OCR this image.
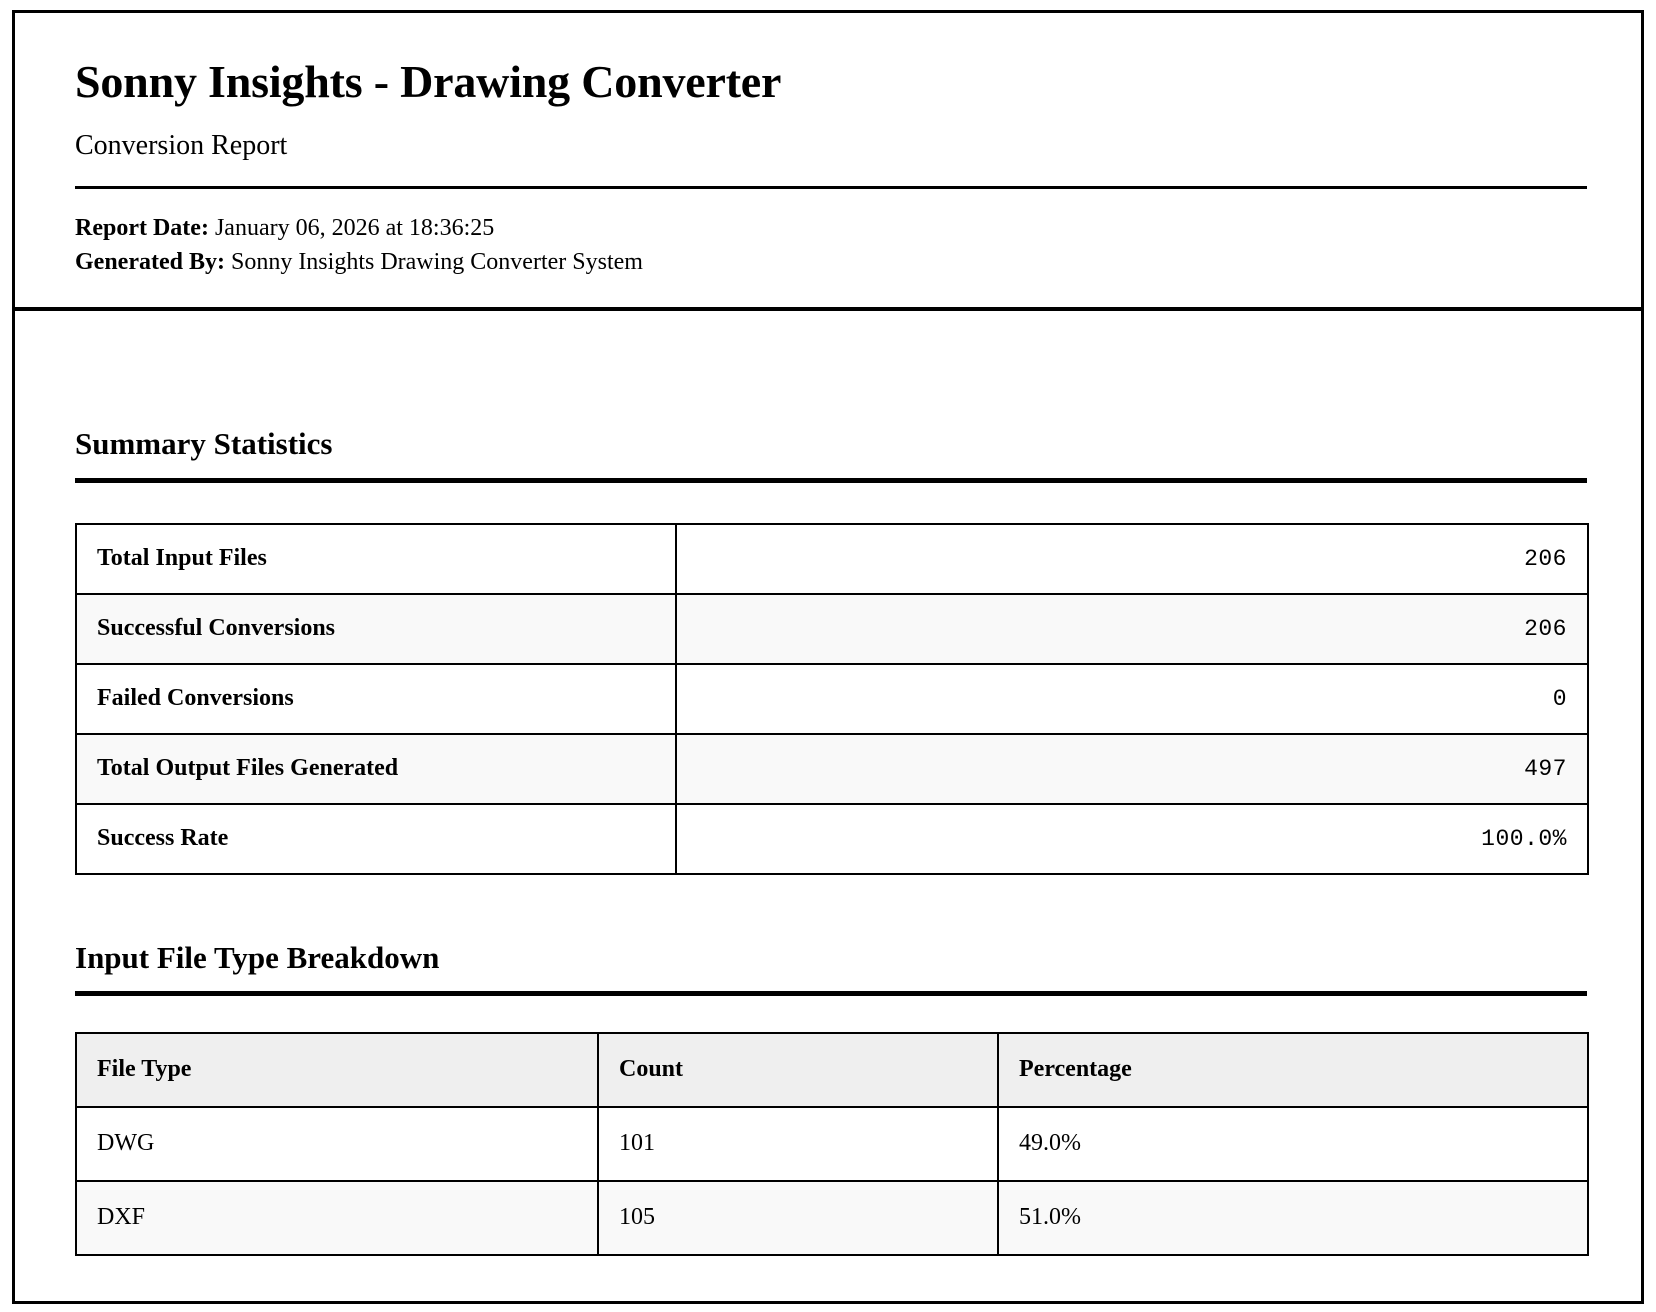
Sonny Insights - Drawing Converter
Conversion Report

Report Date: January 06, 2026 at 18:36:25

Generated By: Sonny Insights Drawing Converter System

Summary Statistics
Total Input Files	206
Successful Conversions	206
Failed Conversions	0
Total Output Files Generated	497
Success Rate	100.0%
Input File Type Breakdown
File Type	Count	Percentage
DWG	101	49.0%
DXF	105	51.0%
